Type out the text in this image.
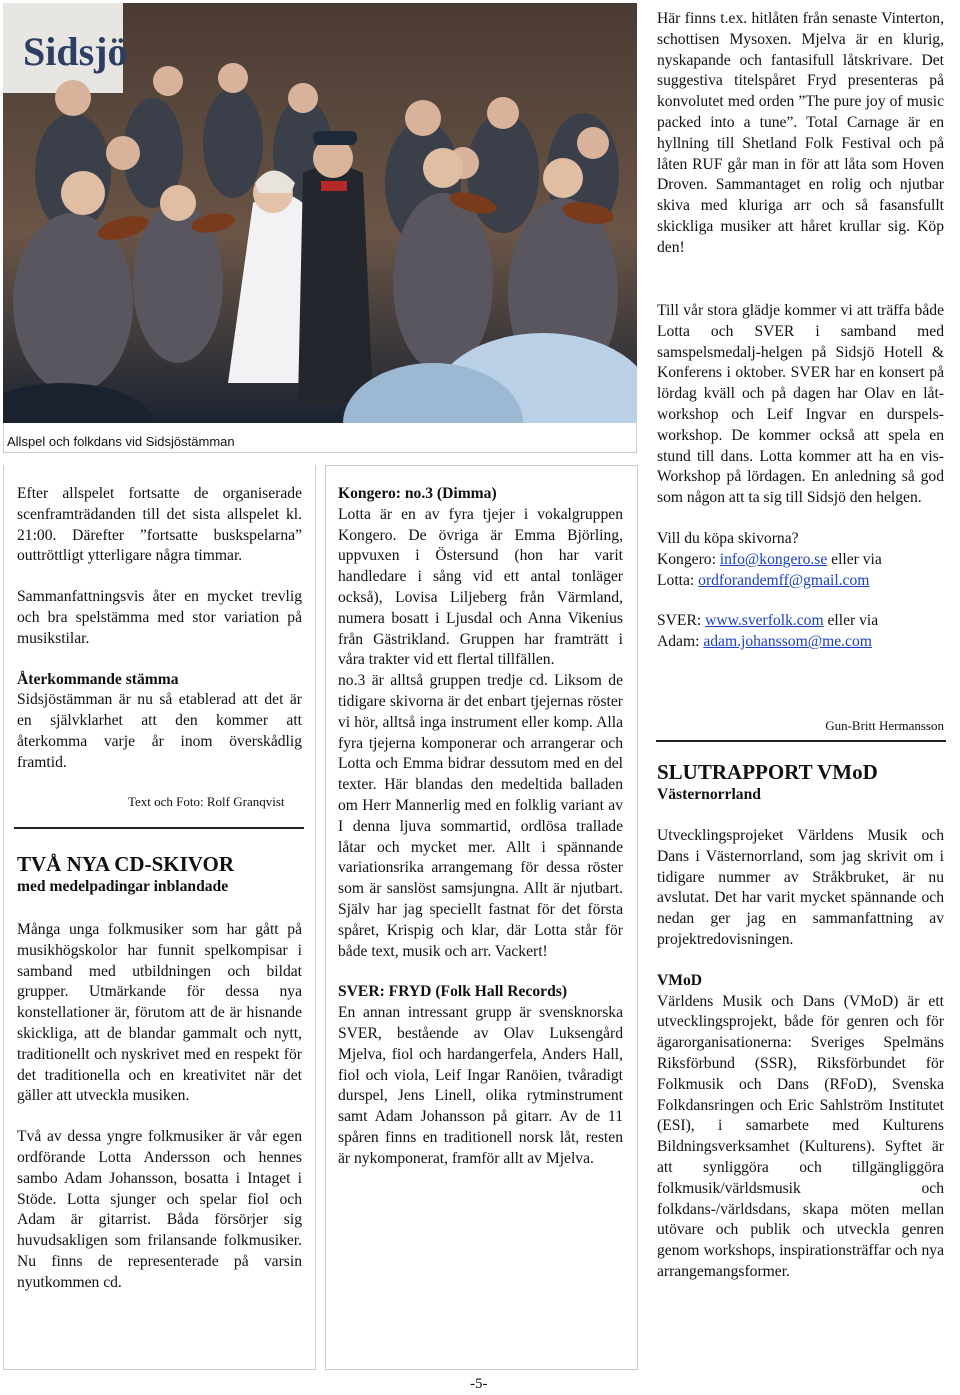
Sidsjö

Allspel och folkdans vid Sidsjöstämman

Efter allspelet fortsatte de organiserade scenframträdanden till det sista allspelet kl. 21:00. Därefter ”fortsatte buskspelarna” outtröttligt ytterligare några timmar.

Sammanfattningsvis åter en mycket trevlig och bra spelstämma med stor variation på musikstilar.

Återkommande stämma

Sidsjöstämman är nu så etablerad att det är en självklarhet att den kommer att återkomma varje år inom överskådlig framtid.

Text och Foto: Rolf Granqvist

TVÅ NYA CD-SKIVOR
med medelpadingar inblandade

Många unga folkmusiker som har gått på musikhögskolor har funnit spelkompisar i samband med utbildningen och bildat grupper. Utmärkande för dessa nya konstellationer är, förutom att de är hisnande skickliga, att de blandar gammalt och nytt, traditionellt och nyskrivet med en respekt för det traditionella och en kreativitet när det gäller att utveckla musiken.

Två av dessa yngre folkmusiker är vår egen ordförande Lotta Andersson och hennes sambo Adam Johansson, bosatta i Intaget i Stöde. Lotta sjunger och spelar fiol och Adam är gitarrist. Båda försörjer sig huvudsakligen som frilansande folkmusiker. Nu finns de representerade på varsin nyutkommen cd.

Kongero: no.3 (Dimma)

Lotta är en av fyra tjejer i vokalgruppen Kongero. De övriga är Emma Björling, uppvuxen i Östersund (hon har varit handledare i sång vid ett antal tonläger också), Lovisa Liljeberg från Värmland, numera bosatt i Ljusdal och Anna Vikenius från Gästrikland. Gruppen har framträtt i våra trakter vid ett flertal tillfällen.

no.3 är alltså gruppen tredje cd. Liksom de tidigare skivorna är det enbart tjejernas röster vi hör, alltså inga instrument eller komp. Alla fyra tjejerna komponerar och arrangerar och Lotta och Emma bidrar dessutom med en del texter. Här blandas den medeltida balladen om Herr Mannerlig med en folklig variant av I denna ljuva sommartid, ordlösa trallade låtar och mycket mer. Allt i spännande variationsrika arrangemang för dessa röster som är sanslöst samsjungna. Allt är njutbart. Själv har jag speciellt fastnat för det första spåret, Krispig och klar, där Lotta står för både text, musik och arr. Vackert!

SVER: FRYD (Folk Hall Records)

En annan intressant grupp är svensknorska SVER, bestående av Olav Luksengård Mjelva, fiol och hardangerfela, Anders Hall, fiol och viola, Leif Ingar Ranöien, tvåradigt durspel, Jens Linell, olika rytminstrument samt Adam Johansson på gitarr. Av de 11 spåren finns en traditionell norsk låt, resten är nykomponerat, framför allt av Mjelva.

Här finns t.ex. hitlåten från senaste Vinterton, schottisen Mysoxen. Mjelva är en klurig, nyskapande och fantasifull låtskrivare. Det suggestiva titelspåret Fryd presenteras på konvolutet med orden ”The pure joy of music packed into a tune”. Total Carnage är en hyllning till Shetland Folk Festival och på låten RUF går man in för att låta som Hoven Droven. Sammantaget en rolig och njutbar skiva med kluriga arr och så fasansfullt skickliga musiker att håret krullar sig. Köp den!

Till vår stora glädje kommer vi att träffa både Lotta och SVER i samband med samspelsmedalj-helgen på Sidsjö Hotell & Konferens i oktober. SVER har en konsert på lördag kväll och på dagen har Olav en låt-workshop och Leif Ingvar en durspels-workshop. De kommer också att spela en stund till dans. Lotta kommer att ha en vis-Workshop på lördagen. En anledning så god som någon att ta sig till Sidsjö den helgen.

Vill du köpa skivorna?

Kongero: info@kongero.se eller via

Lotta: ordforandemff@gmail.com

SVER: www.sverfolk.com eller via

Adam: adam.johanssom@me.com

Gun-Britt Hermansson

SLUTRAPPORT VMoD
Västernorrland

Utvecklingsprojeket Världens Musik och Dans i Västernorrland, som jag skrivit om i tidigare nummer av Stråkbruket, är nu avslutat. Det har varit mycket spännande och nedan ger jag en sammanfattning av projektredovisningen.

VMoD

Världens Musik och Dans (VMoD) är ett utvecklingsprojekt, både för genren och för ägarorganisationerna: Sveriges Spelmäns Riksförbund (SSR), Riksförbundet för Folkmusik och Dans (RFoD), Svenska Folkdansringen och Eric Sahlström Institutet (ESI), i samarbete med Kulturens Bildningsverksamhet (Kulturens). Syftet är att synliggöra och tillgängliggöra folkmusik/världsmusik och folkdans-/världsdans, skapa möten mellan utövare och publik och utveckla genren genom workshops, inspirationsträffar och nya arrangemangsformer.

-5-
